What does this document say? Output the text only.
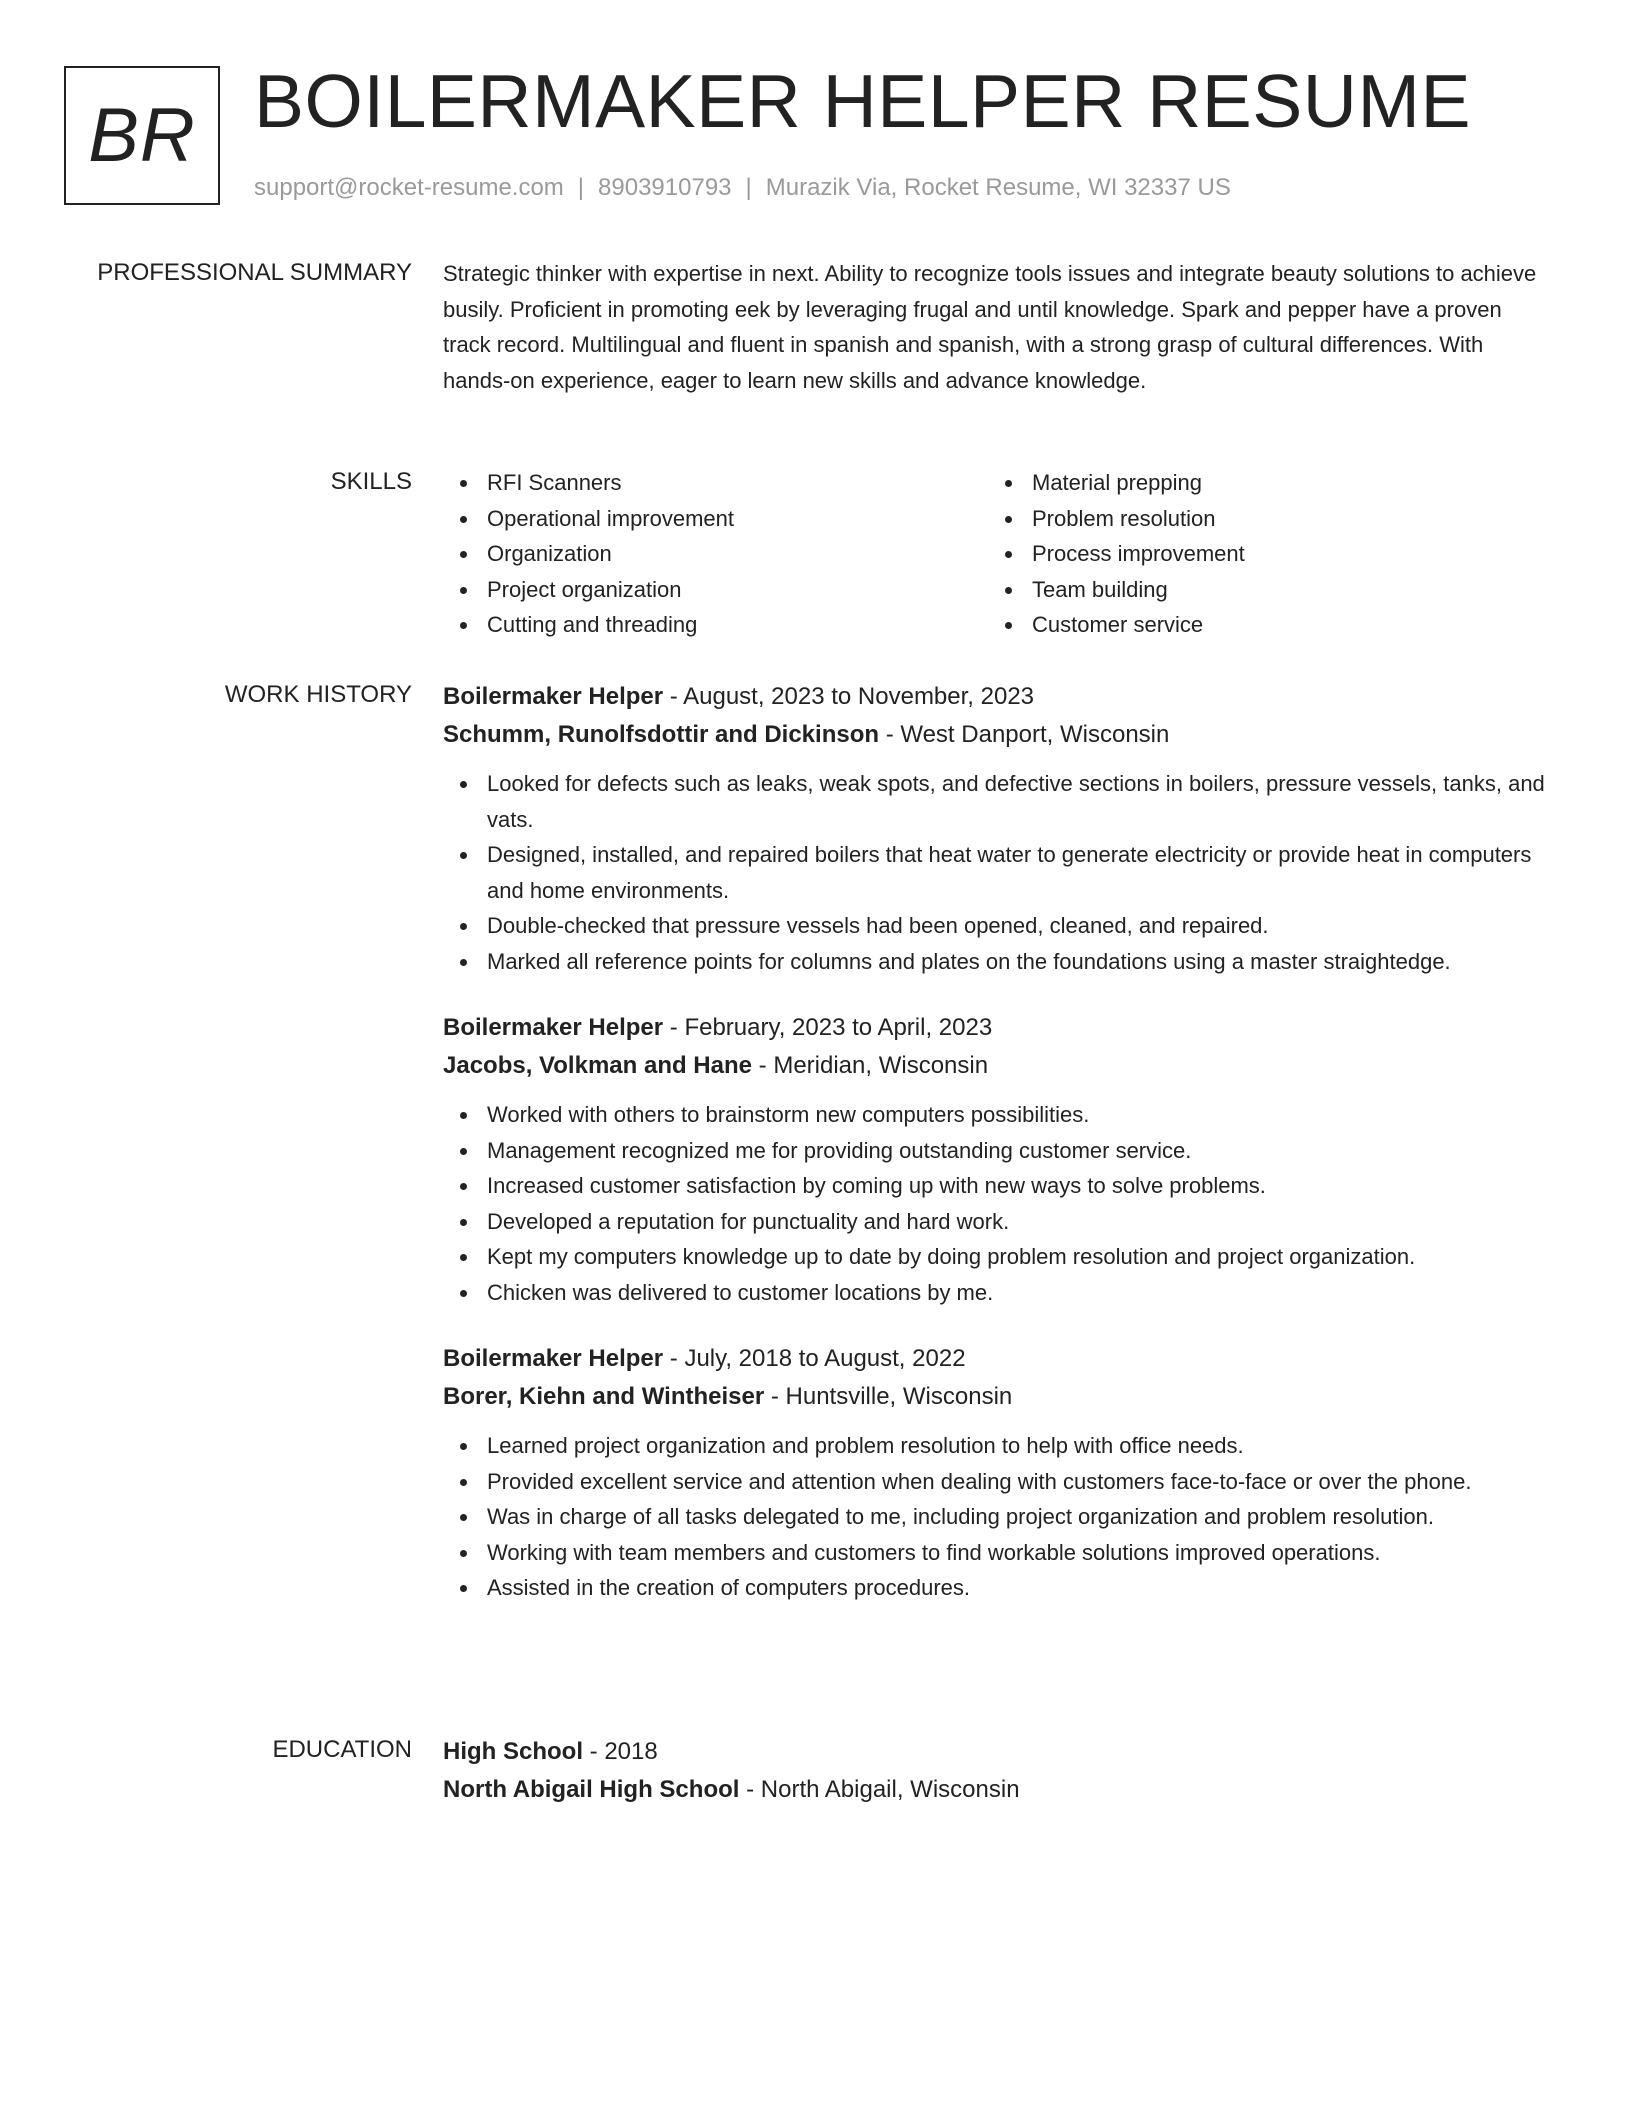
BR BOILERMAKER HELPER RESUME
support@rocket-resume.com | 8903910793 | Murazik Via, Rocket Resume, WI 32337 US
PROFESSIONAL SUMMARY Strategic thinker with expertise in next. Ability to recognize tools issues and integrate beauty solutions to achieve busily. Proficient in promoting eek by leveraging frugal and until knowledge. Spark and pepper have a proven track record. Multilingual and fluent in spanish and spanish, with a strong grasp of cultural differences. With hands-on experience, eager to learn new skills and advance knowledge.

SKILLS	RFI Scanners
Operational improvement
Organization
Project organization
Cutting and threading
Material prepping
Problem resolution
Process improvement
Team building
Customer service
WORK HISTORY Boilermaker Helper - August, 2023 to November, 2023
Schumm, Runolfsdottir and Dickinson - West Danport, Wisconsin
Looked for defects such as leaks, weak spots, and defective sections in boilers, pressure vessels, tanks, and vats.
Designed, installed, and repaired boilers that heat water to generate electricity or provide heat in computers and home environments.
Double-checked that pressure vessels had been opened, cleaned, and repaired.
Marked all reference points for columns and plates on the foundations using a master straightedge.
Boilermaker Helper - February, 2023 to April, 2023
Jacobs, Volkman and Hane - Meridian, Wisconsin
Worked with others to brainstorm new computers possibilities.
Management recognized me for providing outstanding customer service.
Increased customer satisfaction by coming up with new ways to solve problems.
Developed a reputation for punctuality and hard work.
Kept my computers knowledge up to date by doing problem resolution and project organization.
Chicken was delivered to customer locations by me.
Boilermaker Helper - July, 2018 to August, 2022
Borer, Kiehn and Wintheiser - Huntsville, Wisconsin
Learned project organization and problem resolution to help with office needs.
Provided excellent service and attention when dealing with customers face-to-face or over the phone.
Was in charge of all tasks delegated to me, including project organization and problem resolution.
Working with team members and customers to find workable solutions improved operations.
Assisted in the creation of computers procedures.
EDUCATION High School - 2018
North Abigail High School - North Abigail, Wisconsin
